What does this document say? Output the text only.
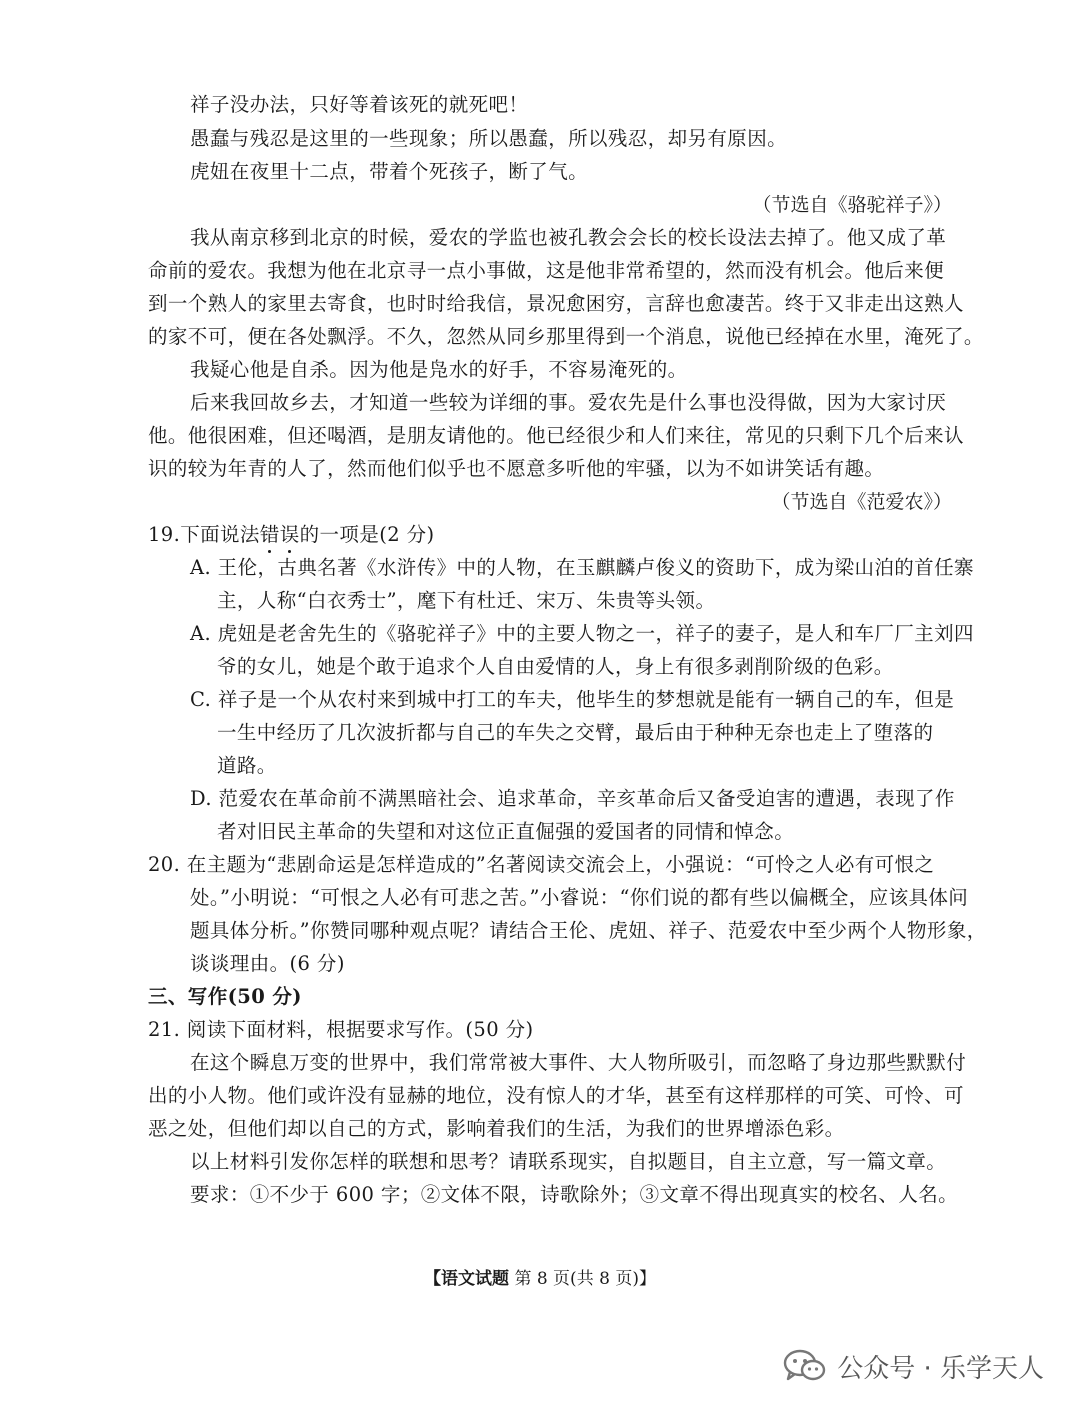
祥子没办法，只好等着该死的就死吧！
愚蠢与残忍是这里的一些现象；所以愚蠢，所以残忍，却另有原因。
虎妞在夜里十二点，带着个死孩子，断了气。
（节选自《骆驼祥子》）
我从南京移到北京的时候，爱农的学监也被孔教会会长的校长设法去掉了。他又成了革
命前的爱农。我想为他在北京寻一点小事做，这是他非常希望的，然而没有机会。他后来便
到一个熟人的家里去寄食，也时时给我信，景况愈困穷，言辞也愈凄苦。终于又非走出这熟人
的家不可，便在各处飘浮。不久，忽然从同乡那里得到一个消息，说他已经掉在水里，淹死了。
我疑心他是自杀。因为他是凫水的好手，不容易淹死的。
后来我回故乡去，才知道一些较为详细的事。爱农先是什么事也没得做，因为大家讨厌
他。他很困难，但还喝酒，是朋友请他的。他已经很少和人们来往，常见的只剩下几个后来认
识的较为年青的人了，然而他们似乎也不愿意多听他的牢骚，以为不如讲笑话有趣。
（节选自《范爱农》）
19.下面说法错误的一项是(2 分)
A. 王伦，古典名著《水浒传》中的人物，在玉麒麟卢俊义的资助下，成为梁山泊的首任寨
主，人称“白衣秀士”，麾下有杜迁、宋万、朱贵等头领。
A. 虎妞是老舍先生的《骆驼祥子》中的主要人物之一，祥子的妻子，是人和车厂厂主刘四
爷的女儿，她是个敢于追求个人自由爱情的人，身上有很多剥削阶级的色彩。
C. 祥子是一个从农村来到城中打工的车夫，他毕生的梦想就是能有一辆自己的车，但是
一生中经历了几次波折都与自己的车失之交臂，最后由于种种无奈也走上了堕落的
道路。
D. 范爱农在革命前不满黑暗社会、追求革命，辛亥革命后又备受迫害的遭遇，表现了作
者对旧民主革命的失望和对这位正直倔强的爱国者的同情和悼念。
20. 在主题为“悲剧命运是怎样造成的”名著阅读交流会上，小强说：“可怜之人必有可恨之
处。”小明说：“可恨之人必有可悲之苦。”小睿说：“你们说的都有些以偏概全，应该具体问
题具体分析。”你赞同哪种观点呢？请结合王伦、虎妞、祥子、范爱农中至少两个人物形象，
谈谈理由。(6 分)
三、写作(50 分)
21. 阅读下面材料，根据要求写作。(50 分)
在这个瞬息万变的世界中，我们常常被大事件、大人物所吸引，而忽略了身边那些默默付
出的小人物。他们或许没有显赫的地位，没有惊人的才华，甚至有这样那样的可笑、可怜、可
恶之处，但他们却以自己的方式，影响着我们的生活，为我们的世界增添色彩。
以上材料引发你怎样的联想和思考？请联系现实，自拟题目，自主立意，写一篇文章。
要求：①不少于 600 字；②文体不限，诗歌除外；③文章不得出现真实的校名、人名。
【语文试题 第 8 页(共 8 页)】
公众号 · 乐学天人
